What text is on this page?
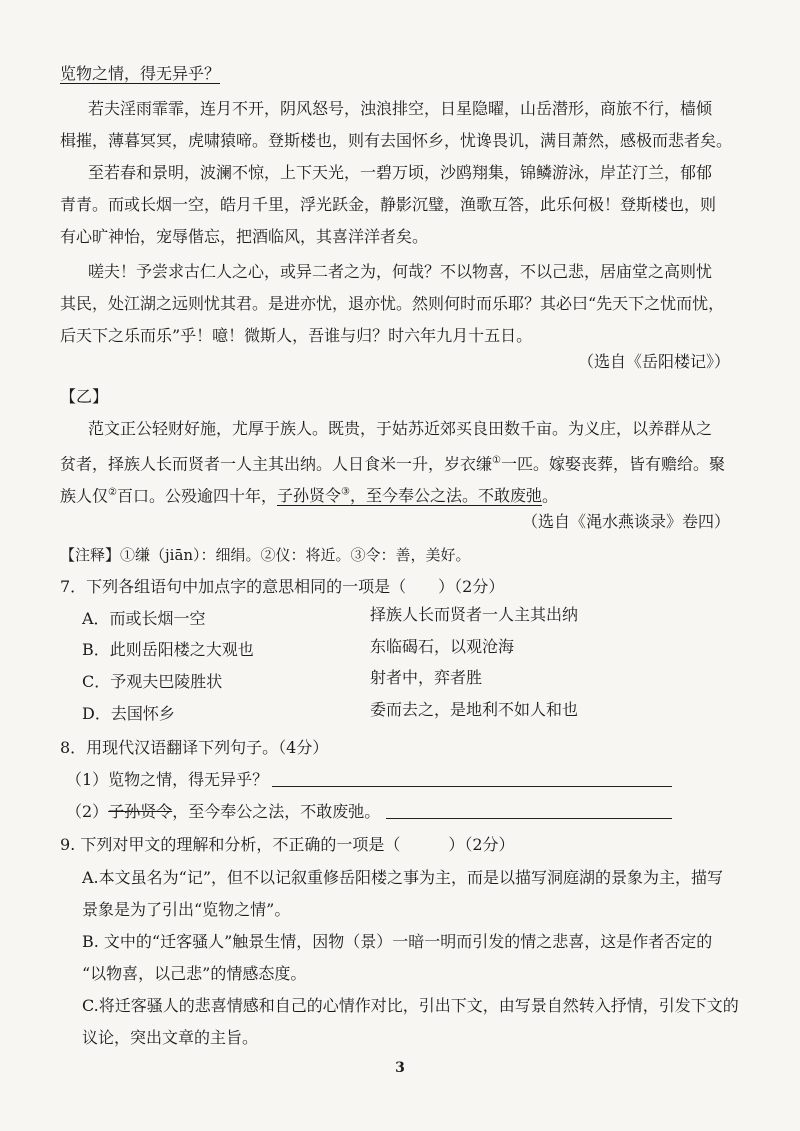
览物之情，得无异乎？
若夫淫雨霏霏，连月不开，阴风怒号，浊浪排空，日星隐曜，山岳潜形，商旅不行，樯倾
楫摧，薄暮冥冥，虎啸猿啼。登斯楼也，则有去国怀乡，忧谗畏讥，满目萧然，感极而悲者矣。
至若春和景明，波澜不惊，上下天光，一碧万顷，沙鸥翔集，锦鳞游泳，岸芷汀兰，郁郁
青青。而或长烟一空，皓月千里，浮光跃金，静影沉璧，渔歌互答，此乐何极！登斯楼也，则
有心旷神怡，宠辱偕忘，把酒临风，其喜洋洋者矣。
嗟夫！予尝求古仁人之心，或异二者之为，何哉？不以物喜，不以己悲，居庙堂之高则忧
其民，处江湖之远则忧其君。是进亦忧，退亦忧。然则何时而乐耶？其必曰“先天下之忧而忧，
后天下之乐而乐”乎！噫！微斯人，吾谁与归？时六年九月十五日。
（选自《岳阳楼记》）
【乙】
范文正公轻财好施，尤厚于族人。既贵，于姑苏近郊买良田数千亩。为义庄，以养群从之
贫者，择族人长而贤者一人主其出纳。人日食米一升，岁衣缣①一匹。嫁娶丧葬，皆有赡给。聚
族人仅②百口。公殁逾四十年，子孙贤令③，至今奉公之法。不敢废弛。
（选自《渑水燕谈录》卷四）
【注释】①缣（jiān）：细绢。②仪：将近。③令：善，美好。
7．下列各组语句中加点字的意思相同的一项是（　　）（2分）
A．而或长烟一空	择族人长而贤者一人主其出纳
B．此则岳阳楼之大观也	东临碣石，以观沧海
C．予观夫巴陵胜状	射者中，弈者胜
D．去国怀乡	委而去之，是地利不如人和也
8．用现代汉语翻译下列句子。（4分）
（1）览物之情，得无异乎？
（2）子孙贤令，至今奉公之法，不敢废弛。
9. 下列对甲文的理解和分析，不正确的一项是（　　　）（2分）
A.本文虽名为“记”，但不以记叙重修岳阳楼之事为主，而是以描写洞庭湖的景象为主，描写
景象是为了引出“览物之情”。
B. 文中的“迁客骚人”触景生情，因物（景）一暗一明而引发的情之悲喜，这是作者否定的
“以物喜，以己悲”的情感态度。
C.将迁客骚人的悲喜情感和自己的心情作对比，引出下文，由写景自然转入抒情，引发下文的
议论，突出文章的主旨。
3
